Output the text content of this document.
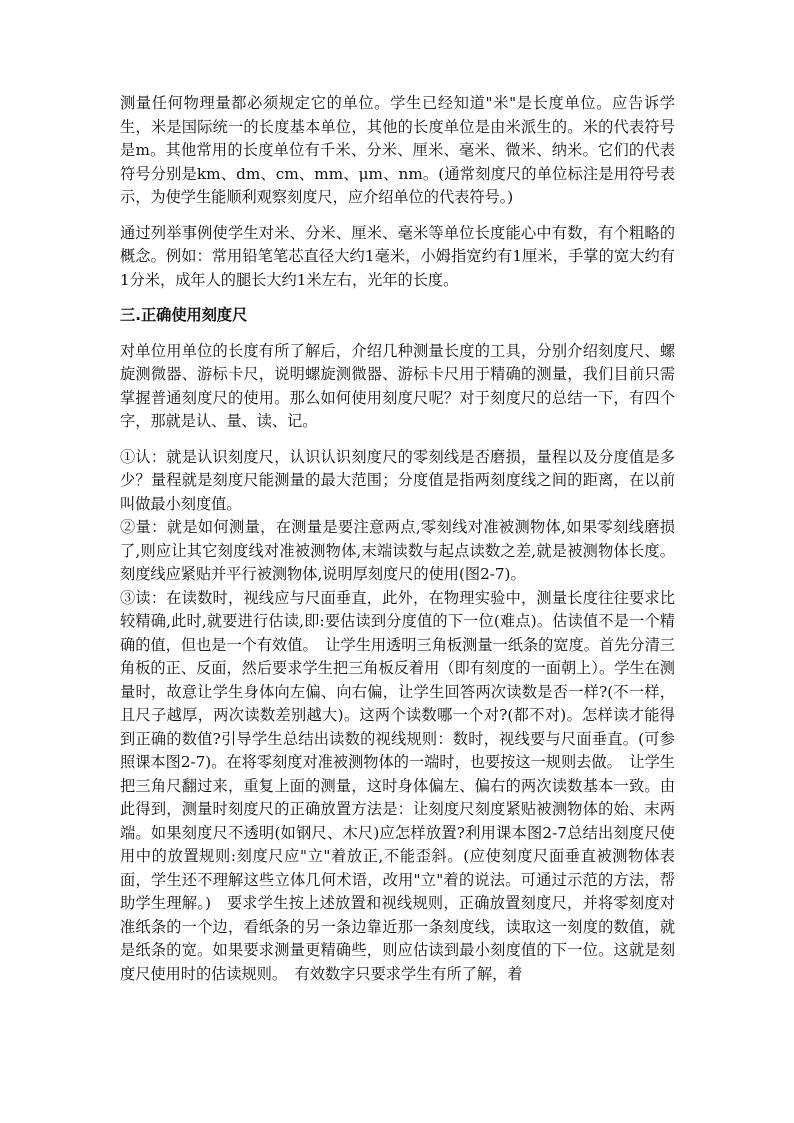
测量任何物理量都必须规定它的单位。学生已经知道"米"是长度单位。应告诉学生，米是国际统一的长度基本单位，其他的长度单位是由米派生的。米的代表符号是m。其他常用的长度单位有千米、分米、厘米、毫米、微米、纳米。它们的代表符号分别是km、dm、cm、mm、μm、nm。(通常刻度尺的单位标注是用符号表示，为使学生能顺利观察刻度尺，应介绍单位的代表符号。)

通过列举事例使学生对米、分米、厘米、毫米等单位长度能心中有数，有个粗略的概念。例如：常用铅笔笔芯直径大约1毫米，小姆指宽约有1厘米，手掌的宽大约有1分米，成年人的腿长大约1米左右，光年的长度。

三.正确使用刻度尺

对单位用单位的长度有所了解后，介绍几种测量长度的工具，分别介绍刻度尺、螺旋测微器、游标卡尺，说明螺旋测微器、游标卡尺用于精确的测量，我们目前只需掌握普通刻度尺的使用。那么如何使用刻度尺呢？对于刻度尺的总结一下，有四个字，那就是认、量、读、记。

①认：就是认识刻度尺，认识认识刻度尺的零刻线是否磨损，量程以及分度值是多少？量程就是刻度尺能测量的最大范围；分度值是指两刻度线之间的距离，在以前叫做最小刻度值。

②量：就是如何测量，在测量是要注意两点,零刻线对准被测物体,如果零刻线磨损了,则应让其它刻度线对准被测物体,末端读数与起点读数之差,就是被测物体长度。刻度线应紧贴并平行被测物体,说明厚刻度尺的使用(图2-7)。

③读：在读数时，视线应与尺面垂直，此外，在物理实验中，测量长度往往要求比较精确,此时,就要进行估读,即:要估读到分度值的下一位(难点)。估读值不是一个精确的值，但也是一个有效值。　让学生用透明三角板测量一纸条的宽度。首先分清三角板的正、反面，然后要求学生把三角板反着用（即有刻度的一面朝上）。学生在测量时，故意让学生身体向左偏、向右偏，让学生回答两次读数是否一样?(不一样，且尺子越厚，两次读数差别越大)。这两个读数哪一个对?(都不对)。怎样读才能得到正确的数值?引导学生总结出读数的视线规则：数时，视线要与尺面垂直。(可参照课本图2-7)。在将零刻度对准被测物体的一端时，也要按这一规则去做。　让学生把三角尺翻过来，重复上面的测量，这时身体偏左、偏右的两次读数基本一致。由此得到，测量时刻度尺的正确放置方法是：让刻度尺刻度紧贴被测物体的始、末两端。如果刻度尺不透明(如钢尺、木尺)应怎样放置?利用课本图2-7总结出刻度尺使用中的放置规则:刻度尺应"立"着放正,不能歪斜。(应使刻度尺面垂直被测物体表面，学生还不理解这些立体几何术语，改用"立"着的说法。可通过示范的方法，帮助学生理解。)　要求学生按上述放置和视线规则，正确放置刻度尺，并将零刻度对准纸条的一个边，看纸条的另一条边靠近那一条刻度线，读取这一刻度的数值，就是纸条的宽。如果要求测量更精确些，则应估读到最小刻度值的下一位。这就是刻度尺使用时的估读规则。　有效数字只要求学生有所了解，着
